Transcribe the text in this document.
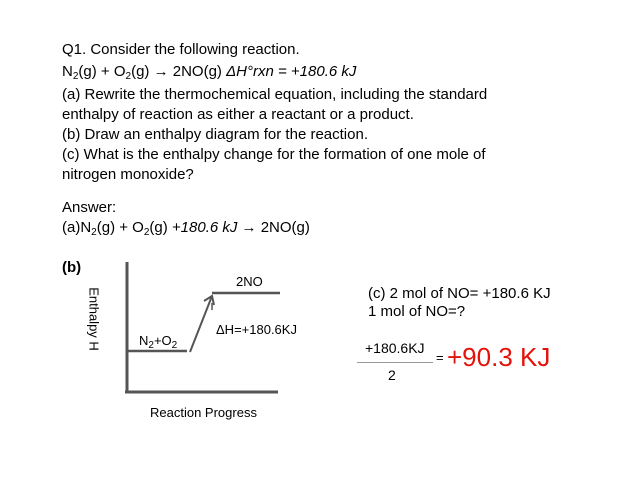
Q1. Consider the following reaction.
$N_2(g) + O_2(g) \to 2NO(g) \Delta H^\circ rxn = +180.6$ kJ
(a) Rewrite the thermochemical equation, including the standard
enthalpy of reaction as either a reactant or a product.
(b) Draw an enthalpy diagram for the reaction.
(c) What is the enthalpy change for the formation of one mole of
nitrogen monoxide?
Answer:
$(a)N_2(g) + O_2(g) +180.6$ kJ → 2NO(g)
(b)
Enthalpy H
Reaction Progress
2NO
$N_2+O_2$
ΔH=+180.6KJ
(c) 2 mol of NO= +180.6 KJ
1 mol of NO=?
+180.6KJ
2
= +90.3 KJ
